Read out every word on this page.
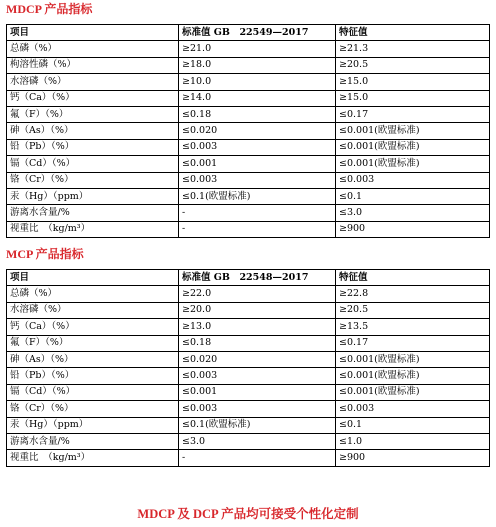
MDCP 产品指标
项目	标准值 GB　22549—2017	特征值
总磷（%）	≥21.0	≥21.3
枸溶性磷（%）	≥18.0	≥20.5
水溶磷（%）	≥10.0	≥15.0
钙（Ca）（%）	≥14.0	≥15.0
氟（F）（%）	≤0.18	≤0.17
砷（As）（%）	≤0.020	≤0.001(欧盟标准)
铅（Pb）（%）	≤0.003	≤0.001(欧盟标准)
镉（Cd）（%）	≤0.001	≤0.001(欧盟标准)
铬（Cr）（%）	≤0.003	≤0.003
汞（Hg）（ppm）	≤0.1(欧盟标准)	≤0.1
游离水含量/%	-	≤3.0
视重比　（kg/m³）	-	≥900
MCP 产品指标
项目	标准值 GB　22548—2017	特征值
总磷（%）	≥22.0	≥22.8
水溶磷（%）	≥20.0	≥20.5
钙（Ca）（%）	≥13.0	≥13.5
氟（F）（%）	≤0.18	≤0.17
砷（As）（%）	≤0.020	≤0.001(欧盟标准)
铅（Pb）（%）	≤0.003	≤0.001(欧盟标准)
镉（Cd）（%）	≤0.001	≤0.001(欧盟标准)
铬（Cr）（%）	≤0.003	≤0.003
汞（Hg）（ppm）	≤0.1(欧盟标准)	≤0.1
游离水含量/%	≤3.0	≤1.0
视重比　（kg/m³）	-	≥900
MDCP 及 DCP 产品均可接受个性化定制
